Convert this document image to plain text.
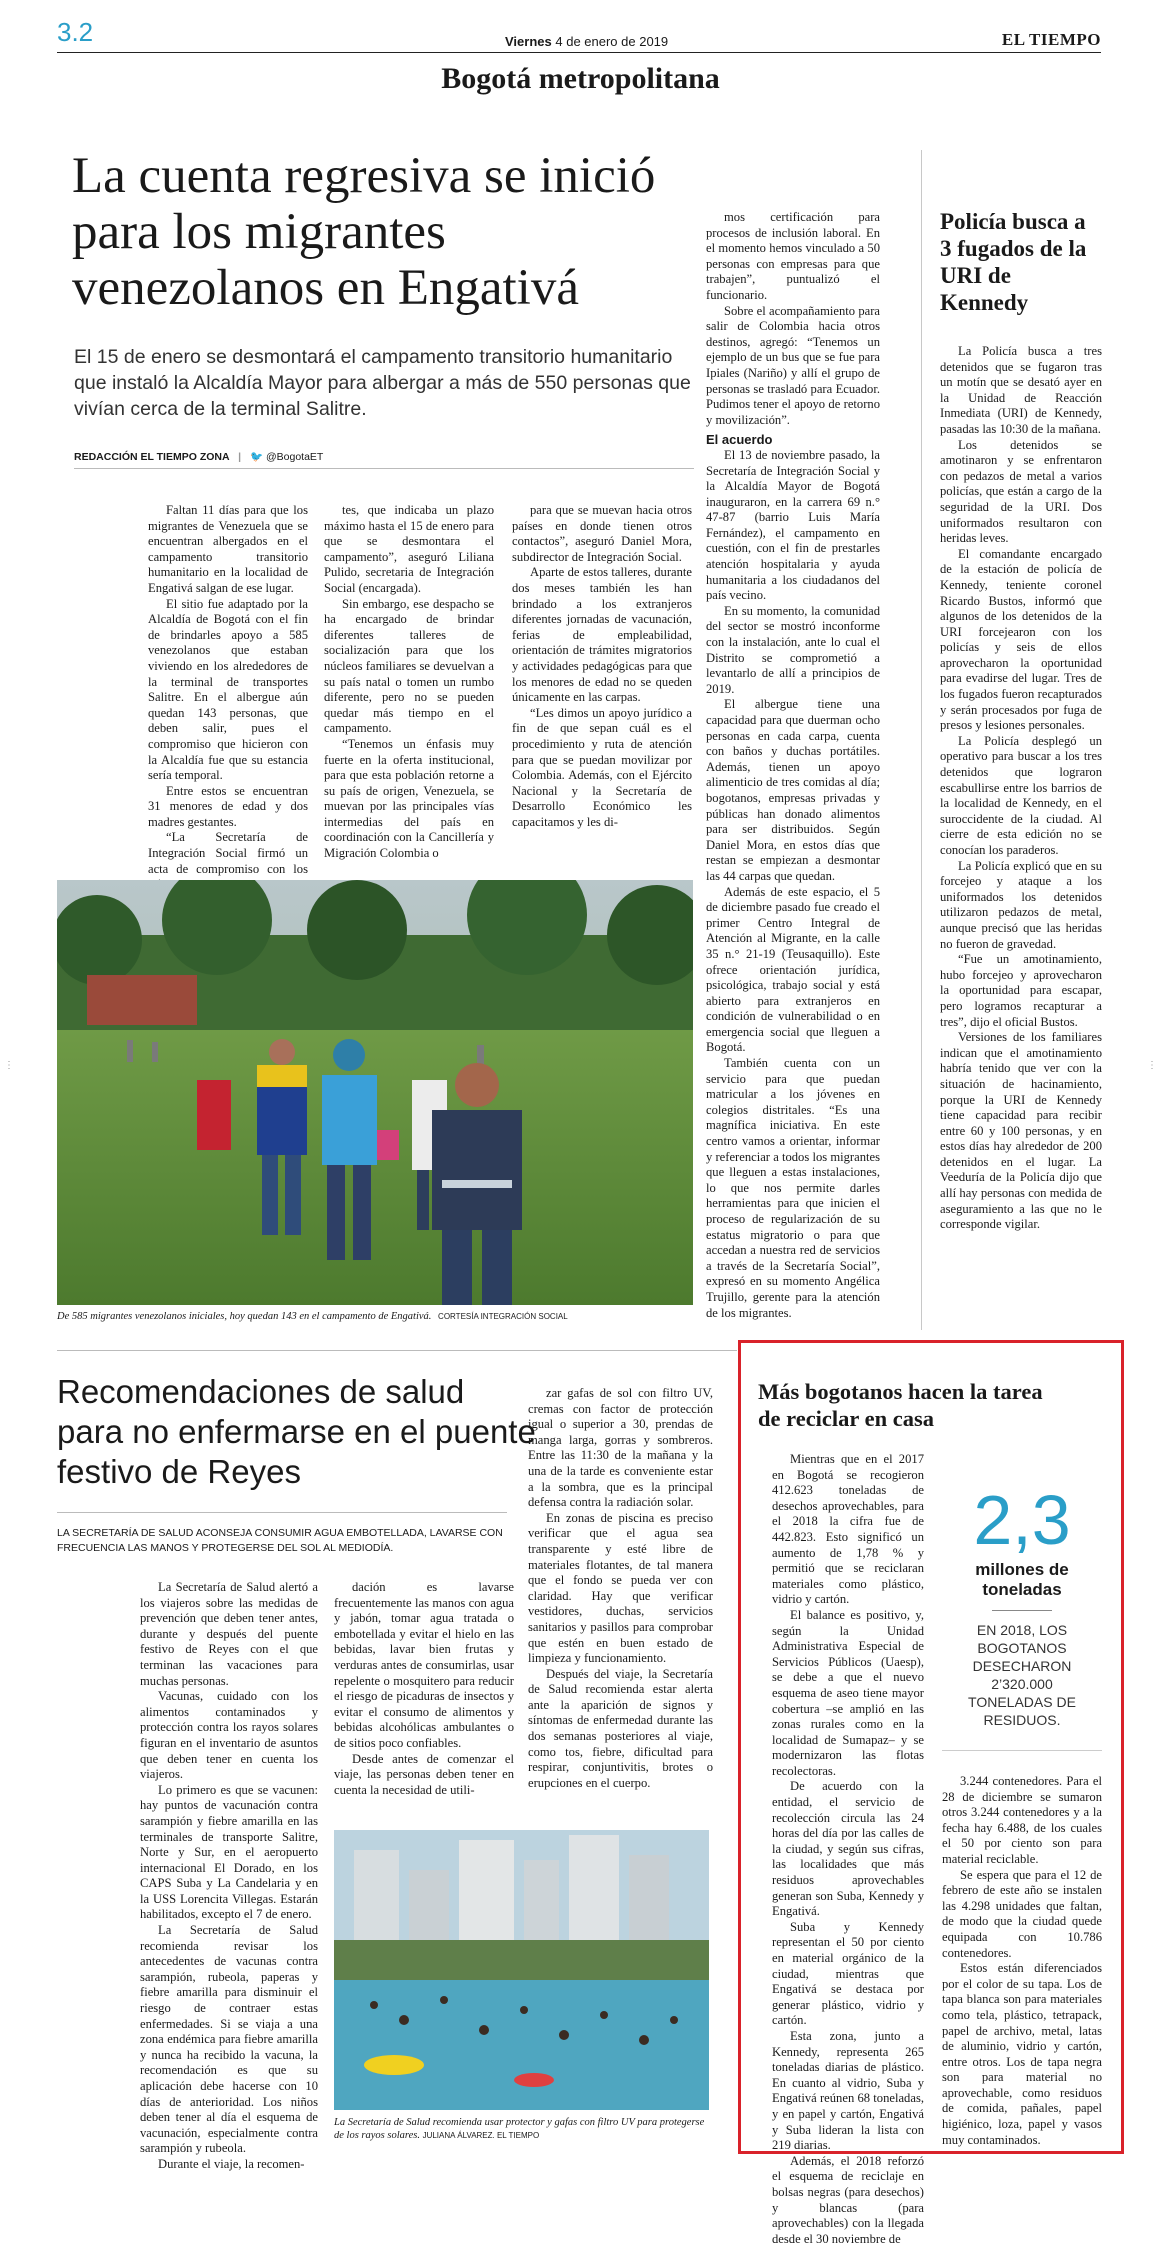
3.2	Viernes 4 de enero de 2019	EL TIEMPO
Bogotá metropolitana
La cuenta regresiva se inició para los migrantes venezolanos en Engativá

El 15 de enero se desmontará el campamento transitorio humanitario que instaló la Alcaldía Mayor para albergar a más de 550 personas que vivían cerca de la terminal Salitre.

REDACCIÓN EL TIEMPO ZONA | 🐦 @BogotaET

Faltan 11 días para que los migrantes de Venezuela que se encuentran albergados en el campamento transitorio humanitario en la localidad de Engativá salgan de ese lugar.

El sitio fue adaptado por la Alcaldía de Bogotá con el fin de brindarles apoyo a 585 venezolanos que estaban viviendo en los alrededores de la terminal de transportes Salitre. En el albergue aún quedan 143 personas, que deben salir, pues el compromiso que hicieron con la Alcaldía fue que su estancia sería temporal.

Entre estos se encuentran 31 menores de edad y dos madres gestantes.

“La Secretaría de Integración Social firmó un acta de compromiso con los

tes, que indicaba un plazo máximo hasta el 15 de enero para que se desmontara el campamento”, aseguró Liliana Pulido, secretaria de Integración Social (encargada).

Sin embargo, ese despacho se ha encargado de brindar diferentes talleres de socialización para que los núcleos familiares se devuelvan a su país natal o tomen un rumbo diferente, pero no se pueden quedar más tiempo en el campamento.

“Tenemos un énfasis muy fuerte en la oferta institucional, para que esta población retorne a su país de origen, Venezuela, se muevan por las principales vías intermedias del país en coordinación con la Cancillería y Migración Colombia o

para que se muevan hacia otros países en donde tienen otros contactos”, aseguró Daniel Mora, subdirector de Integración Social.

Aparte de estos talleres, durante dos meses también les han brindado a los extranjeros diferentes jornadas de vacunación, ferias de empleabilidad, orientación de trámites migratorios y actividades pedagógicas para que los menores de edad no se queden únicamente en las carpas.

“Les dimos un apoyo jurídico a fin de que sepan cuál es el procedimiento y ruta de atención para que se puedan movilizar por Colombia. Además, con el Ejército Nacional y la Secretaría de Desarrollo Económico les capacitamos y les di-

mos certificación para procesos de inclusión laboral. En el momento hemos vinculado a 50 personas con empresas para que trabajen”, puntualizó el funcionario.

Sobre el acompañamiento para salir de Colombia hacia otros destinos, agregó: “Tenemos un ejemplo de un bus que se fue para Ipiales (Nariño) y allí el grupo de personas se trasladó para Ecuador. Pudimos tener el apoyo de retorno y movilización”.

El acuerdo

El 13 de noviembre pasado, la Secretaría de Integración Social y la Alcaldía Mayor de Bogotá inauguraron, en la carrera 69 n.° 47-87 (barrio Luis María Fernández), el campamento en cuestión, con el fin de prestarles atención hospitalaria y ayuda humanitaria a los ciudadanos del país vecino.

En su momento, la comunidad del sector se mostró inconforme con la instalación, ante lo cual el Distrito se comprometió a levantarlo de allí a principios de 2019.

El albergue tiene una capacidad para que duerman ocho personas en cada carpa, cuenta con baños y duchas portátiles. Además, tienen un apoyo alimenticio de tres comidas al día; bogotanos, empresas privadas y públicas han donado alimentos para ser distribuidos. Según Daniel Mora, en estos días que restan se empiezan a desmontar las 44 carpas que quedan.

Además de este espacio, el 5 de diciembre pasado fue creado el primer Centro Integral de Atención al Migrante, en la calle 35 n.° 21-19 (Teusaquillo). Este ofrece orientación jurídica, psicológica, trabajo social y está abierto para extranjeros en condición de vulnerabilidad o en emergencia social que lleguen a Bogotá.

También cuenta con un servicio para que puedan matricular a los jóvenes en colegios distritales. “Es una magnífica iniciativa. En este centro vamos a orientar, informar y referenciar a todos los migrantes que lleguen a estas instalaciones, lo que nos permite darles herramientas para que inicien el proceso de regularización de su estatus migratorio o para que accedan a nuestra red de servicios a través de la Secretaría Social”, expresó en su momento Angélica Trujillo, gerente para la atención de los migrantes.

De 585 migrantes venezolanos iniciales, hoy quedan 143 en el campamento de Engativá. CORTESÍA INTEGRACIÓN SOCIAL
Policía busca a 3 fugados de la URI de Kennedy

La Policía busca a tres detenidos que se fugaron tras un motín que se desató ayer en la Unidad de Reacción Inmediata (URI) de Kennedy, pasadas las 10:30 de la mañana.

Los detenidos se amotinaron y se enfrentaron con pedazos de metal a varios policías, que están a cargo de la seguridad de la URI. Dos uniformados resultaron con heridas leves.

El comandante encargado de la estación de policía de Kennedy, teniente coronel Ricardo Bustos, informó que algunos de los detenidos de la URI forcejearon con los policías y seis de ellos aprovecharon la oportunidad para evadirse del lugar. Tres de los fugados fueron recapturados y serán procesados por fuga de presos y lesiones personales.

La Policía desplegó un operativo para buscar a los tres detenidos que lograron escabullirse entre los barrios de la localidad de Kennedy, en el suroccidente de la ciudad. Al cierre de esta edición no se conocían los paraderos.

La Policía explicó que en su forcejeo y ataque a los uniformados los detenidos utilizaron pedazos de metal, aunque precisó que las heridas no fueron de gravedad.

“Fue un amotinamiento, hubo forcejeo y aprovecharon la oportunidad para escapar, pero logramos recapturar a tres”, dijo el oficial Bustos.

Versiones de los familiares indican que el amotinamiento habría tenido que ver con la situación de hacinamiento, porque la URI de Kennedy tiene capacidad para recibir entre 60 y 100 personas, y en estos días hay alrededor de 200 detenidos en el lugar. La Veeduría de la Policía dijo que allí hay personas con medida de aseguramiento a las que no le corresponde vigilar.

Recomendaciones de salud para no enfermarse en el puente festivo de Reyes

LA SECRETARÍA DE SALUD ACONSEJA CONSUMIR AGUA EMBOTELLADA, LAVARSE CON FRECUENCIA LAS MANOS Y PROTEGERSE DEL SOL AL MEDIODÍA.

La Secretaría de Salud alertó a los viajeros sobre las medidas de prevención que deben tener antes, durante y después del puente festivo de Reyes con el que terminan las vacaciones para muchas personas.

Vacunas, cuidado con los alimentos contaminados y protección contra los rayos solares figuran en el inventario de asuntos que deben tener en cuenta los viajeros.

Lo primero es que se vacunen: hay puntos de vacunación contra sarampión y fiebre amarilla en las terminales de transporte Salitre, Norte y Sur, en el aeropuerto internacional El Dorado, en los CAPS Suba y La Candelaria y en la USS Lorencita Villegas. Estarán habilitados, excepto el 7 de enero.

La Secretaría de Salud recomienda revisar los antecedentes de vacunas contra sarampión, rubeola, paperas y fiebre amarilla para disminuir el riesgo de contraer estas enfermedades. Si se viaja a una zona endémica para fiebre amarilla y nunca ha recibido la vacuna, la recomendación es que su aplicación debe hacerse con 10 días de anterioridad. Los niños deben tener al día el esquema de vacunación, especialmente contra sarampión y rubeola.

Durante el viaje, la recomen-

dación es lavarse frecuentemente las manos con agua y jabón, tomar agua tratada o embotellada y evitar el hielo en las bebidas, lavar bien frutas y verduras antes de consumirlas, usar repelente o mosquitero para reducir el riesgo de picaduras de insectos y evitar el consumo de alimentos y bebidas alcohólicas ambulantes o de sitios poco confiables.

Desde antes de comenzar el viaje, las personas deben tener en cuenta la necesidad de utili-

zar gafas de sol con filtro UV, cremas con factor de protección igual o superior a 30, prendas de manga larga, gorras y sombreros. Entre las 11:30 de la mañana y la una de la tarde es conveniente estar a la sombra, que es la principal defensa contra la radiación solar.

En zonas de piscina es preciso verificar que el agua sea transparente y esté libre de materiales flotantes, de tal manera que el fondo se pueda ver con claridad. Hay que verificar vestidores, duchas, servicios sanitarios y pasillos para comprobar que estén en buen estado de limpieza y funcionamiento.

Después del viaje, la Secretaría de Salud recomienda estar alerta ante la aparición de signos y síntomas de enfermedad durante las dos semanas posteriores al viaje, como tos, fiebre, dificultad para respirar, conjuntivitis, brotes o erupciones en el cuerpo.

La Secretaría de Salud recomienda usar protector y gafas con filtro UV para protegerse de los rayos solares. JULIANA ÁLVAREZ. EL TIEMPO
Más bogotanos hacen la tarea de reciclar en casa

Mientras que en el 2017 en Bogotá se recogieron 412.623 toneladas de desechos aprovechables, para el 2018 la cifra fue de 442.823. Esto significó un aumento de 1,78 % y permitió que se reciclaran materiales como plástico, vidrio y cartón.

El balance es positivo, y, según la Unidad Administrativa Especial de Servicios Públicos (Uaesp), se debe a que el nuevo esquema de aseo tiene mayor cobertura –se amplió en las zonas rurales como en la localidad de Sumapaz– y se modernizaron las flotas recolectoras.

De acuerdo con la entidad, el servicio de recolección circula las 24 horas del día por las calles de la ciudad, y según sus cifras, las localidades que más residuos aprovechables generan son Suba, Kennedy y Engativá.

Suba y Kennedy representan el 50 por ciento en material orgánico de la ciudad, mientras que Engativá se destaca por generar plástico, vidrio y cartón.

Esta zona, junto a Kennedy, representa 265 toneladas diarias de plástico. En cuanto al vidrio, Suba y Engativá reúnen 68 toneladas, y en papel y cartón, Engativá y Suba lideran la lista con 219 diarias.

Además, el 2018 reforzó el esquema de reciclaje en bolsas negras (para desechos) y blancas (para aprovechables) con la llegada desde el 30 noviembre de

2,3
millones de toneladas
EN 2018, LOS BOGOTANOS DESECHARON 2’320.000 TONELADAS DE RESIDUOS.

3.244 contenedores. Para el 28 de diciembre se sumaron otros 3.244 contenedores y a la fecha hay 6.488, de los cuales el 50 por ciento son para material reciclable.

Se espera que para el 12 de febrero de este año se instalen las 4.298 unidades que faltan, de modo que la ciudad quede equipada con 10.786 contenedores.

Estos están diferenciados por el color de su tapa. Los de tapa blanca son para materiales como tela, plástico, tetrapack, papel de archivo, metal, latas de aluminio, vidrio y cartón, entre otros. Los de tapa negra son para material no aprovechable, como residuos de comida, pañales, papel higiénico, loza, papel y vasos muy contaminados.

⋮	⋮
